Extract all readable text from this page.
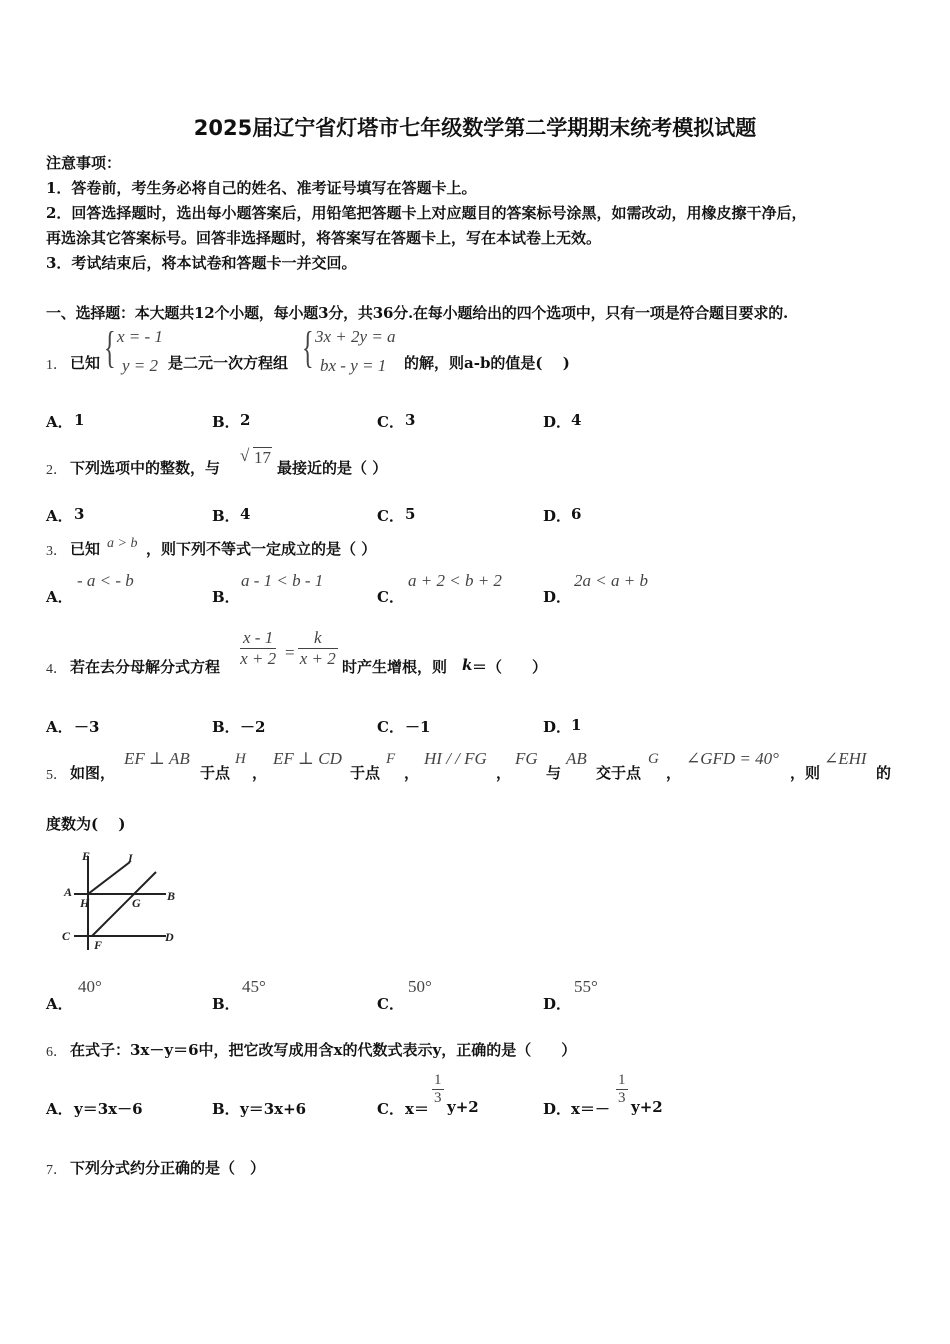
2025届辽宁省灯塔市七年级数学第二学期期末统考模拟试题
注意事项：
1．答卷前，考生务必将自己的姓名、准考证号填写在答题卡上。
2．回答选择题时，选出每小题答案后，用铅笔把答题卡上对应题目的答案标号涂黑，如需改动，用橡皮擦干净后，
再选涂其它答案标号。回答非选择题时，将答案写在答题卡上，写在本试卷上无效。
3．考试结束后，将本试卷和答题卡一并交回。
一、选择题：本大题共12个小题，每小题3分，共36分.在每小题给出的四个选项中，只有一项是符合题目要求的.
1． 已知 { x = - 1
y = 2 是二元一次方程组 { 3x + 2y = a
bx - y = 1 的解，则a-b的值是(　 )
A． 1	B． 2	C． 3	D． 4
2． 下列选项中的整数，与
√ 17
最接近的是（ ）
A． 3	B． 4	C． 5	D． 6
3． 已知 a > b ，则下列不等式一定成立的是（ ）
A．
- a < - b
B．
a - 1 < b - 1
C．
a + 2 < b + 2
D．
2a < a + b
4． 若在去分母解分式方程 $\frac{x - 1}{x + 2} = \frac{k}{x + 2}$ 时产生增根，则 k ＝（　　）
A． －3	B． －2	C． －1	D． 1
5． 如图，
EF ⊥ AB
于点
H
，
EF ⊥ CD
于点
F
，
HI / / FG
，
FG
与
AB
交于点
G
，
∠GFD = 40°
，则
∠EHI
的
度数为(　 )
E	I
A
H	G B
C
F
D
A．
40°
B．
45°
C．
50°
D．
55°
6． 在式子：3x－y＝6中，把它改写成用含x的代数式表示y，正确的是（　　）
A． y＝3x－6	B． y＝3x+6	C． x＝
$\frac{1}{3} y+2$	D． x＝－
$\frac{1}{3} y+2$
7． 下列分式约分正确的是（　）
